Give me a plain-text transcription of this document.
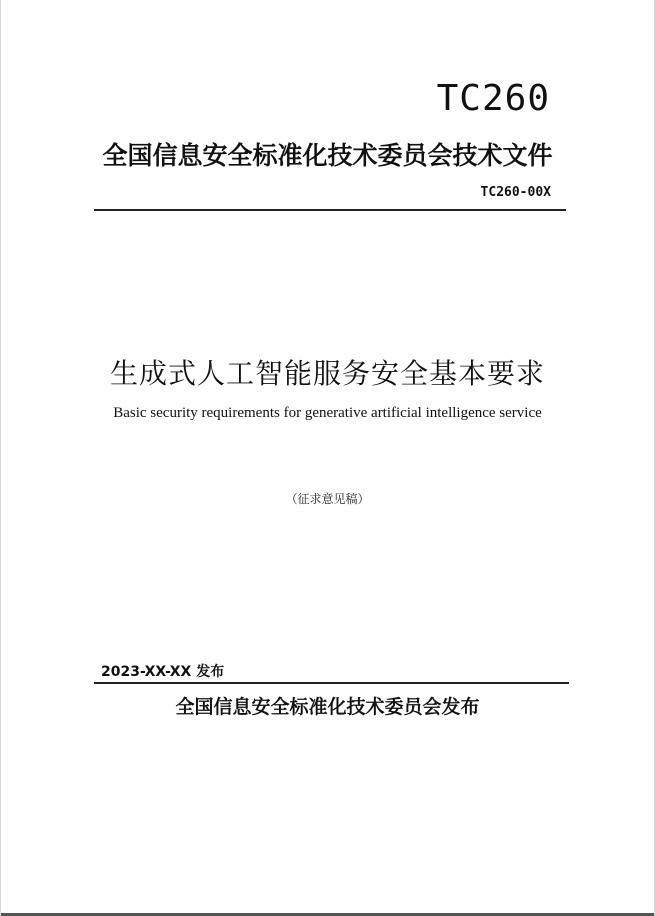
TC260
全国信息安全标准化技术委员会技术文件
TC260-00X
生成式人工智能服务安全基本要求
Basic security requirements for generative artificial intelligence service
（征求意见稿）
2023-XX-XX 发布
全国信息安全标准化技术委员会发布
